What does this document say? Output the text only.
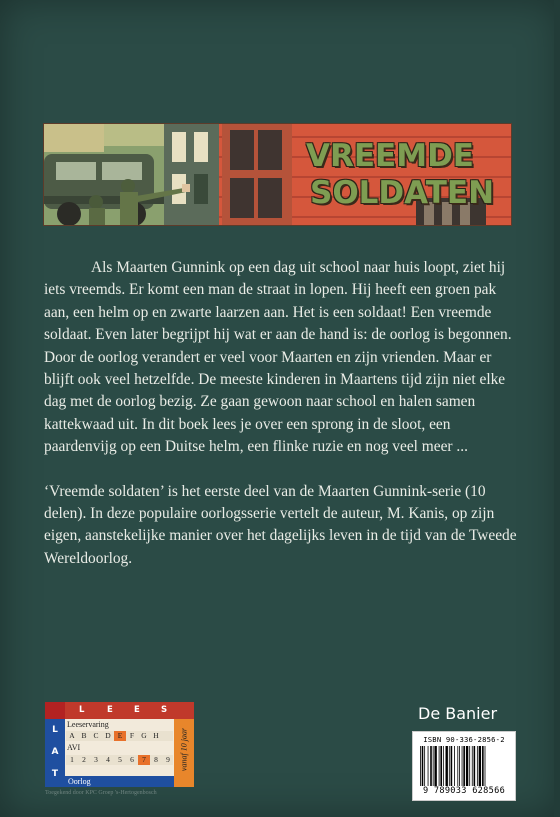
VREEMDE
SOLDATEN

Als Maarten Gunnink op een dag uit school naar huis loopt, ziet hij iets vreemds. Er komt een man de straat in lopen. Hij heeft een groen pak aan, een helm op en zwarte laarzen aan. Het is een soldaat! Een vreemde soldaat. Even later begrijpt hij wat er aan de hand is: de oorlog is begonnen.

Door de oorlog verandert er veel voor Maarten en zijn vrienden. Maar er blijft ook veel hetzelfde. De meeste kinderen in Maartens tijd zijn niet elke dag met de oorlog bezig. Ze gaan gewoon naar school en halen samen kattekwaad uit. In dit boek lees je over een sprong in de sloot, een paardenvijg op een Duitse helm, een flinke ruzie en nog veel meer ...

‘Vreemde soldaten’ is het eerste deel van de Maarten Gunnink-serie (10 delen). In deze populaire oorlogsserie vertelt de auteur, M. Kanis, op zijn eigen, aanstekelijke manier over het dagelijks leven in de tijd van de Tweede Wereldoorlog.

L	E E S
L
A
T
Leeservaring
A B C D E	F G H
AVI
1	2	3	4	5	6	7	8	9
Oorlog
vanaf 10 jaar
Toegekend door KPC Groep 's-Hertogenbosch
De Banier
ISBN 90-336-2856-2
9 789033 628566
